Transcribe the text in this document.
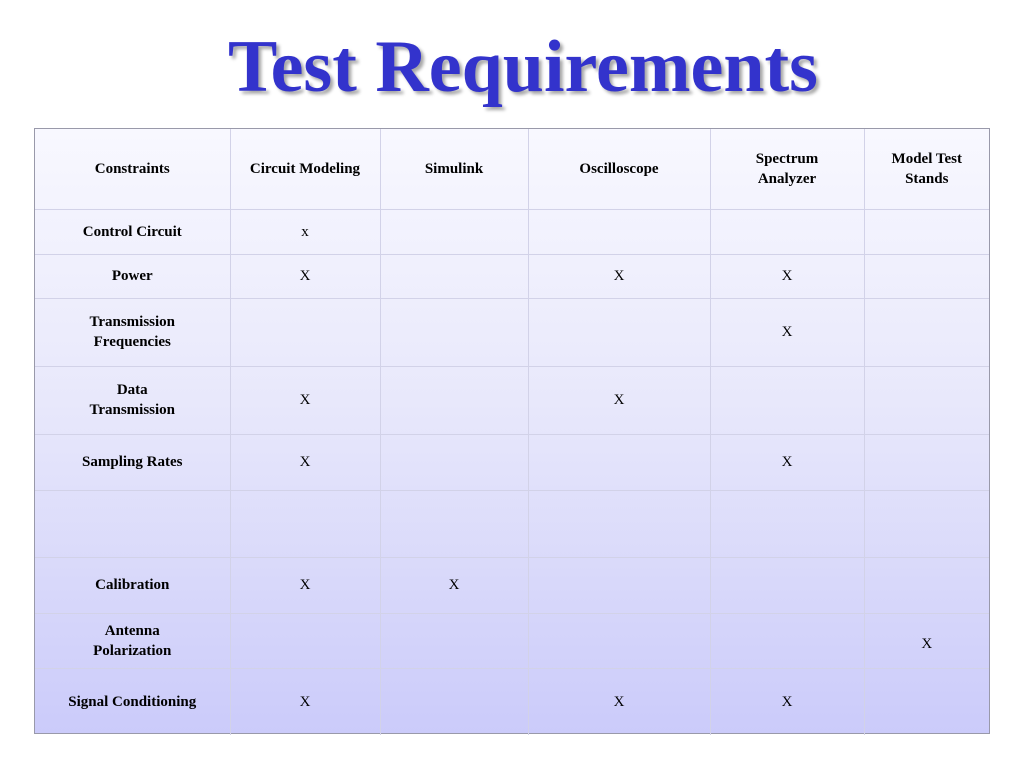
Test Requirements
Constraints	Circuit Modeling	Simulink	Oscilloscope	Spectrum Analyzer	Model Test Stands
Control Circuit	x				
Power	X		X	X	
Transmission Frequencies				X	
Data Transmission	X		X		
Sampling Rates	X			X	

Calibration	X	X			
Antenna Polarization					X
Signal Conditioning	X		X	X	
